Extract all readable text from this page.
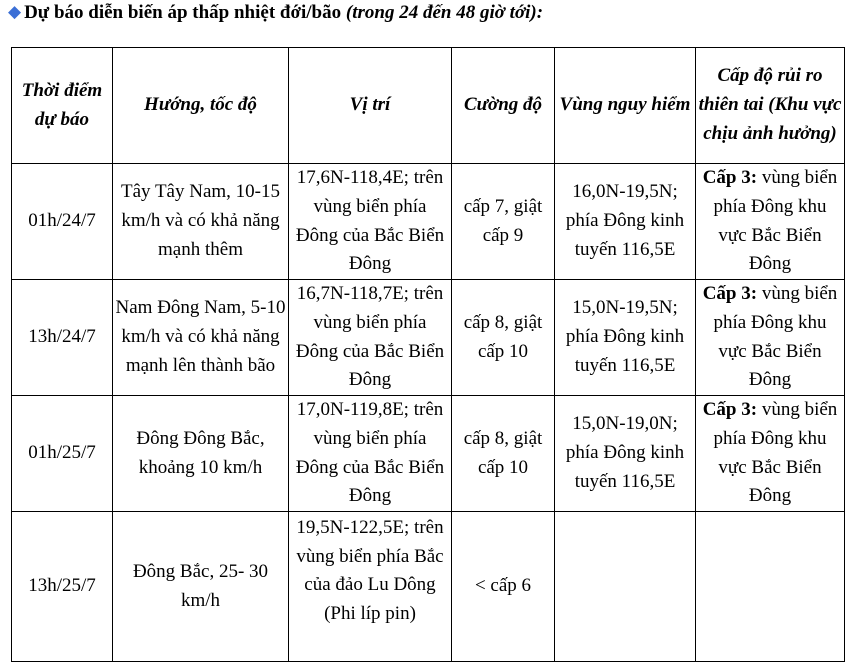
◆ Dự báo diễn biến áp thấp nhiệt đới/bão (trong 24 đến 48 giờ tới):
Thời điểm dự báo	Hướng, tốc độ	Vị trí	Cường độ	Vùng nguy hiểm	Cấp độ rủi ro thiên tai (Khu vực chịu ảnh hưởng)
01h/24/7	Tây Tây Nam, 10-15 km/h và có khả năng mạnh thêm	17,6N-118,4E; trên vùng biển phía Đông của Bắc Biển Đông	cấp 7, giật cấp 9	16,0N-19,5N; phía Đông kinh tuyến 116,5E	Cấp 3: vùng biển phía Đông khu vực Bắc Biển Đông
13h/24/7	Nam Đông Nam, 5-10 km/h và có khả năng mạnh lên thành bão	16,7N-118,7E; trên vùng biển phía Đông của Bắc Biển Đông	cấp 8, giật cấp 10	15,0N-19,5N; phía Đông kinh tuyến 116,5E	Cấp 3: vùng biển phía Đông khu vực Bắc Biển Đông
01h/25/7	Đông Đông Bắc, khoảng 10 km/h	17,0N-119,8E; trên vùng biển phía Đông của Bắc Biển Đông	cấp 8, giật cấp 10	15,0N-19,0N; phía Đông kinh tuyến 116,5E	Cấp 3: vùng biển phía Đông khu vực Bắc Biển Đông
13h/25/7	Đông Bắc, 25- 30 km/h	19,5N-122,5E; trên vùng biển phía Bắc của đảo Lu Dông (Phi líp pin)	< cấp 6		
